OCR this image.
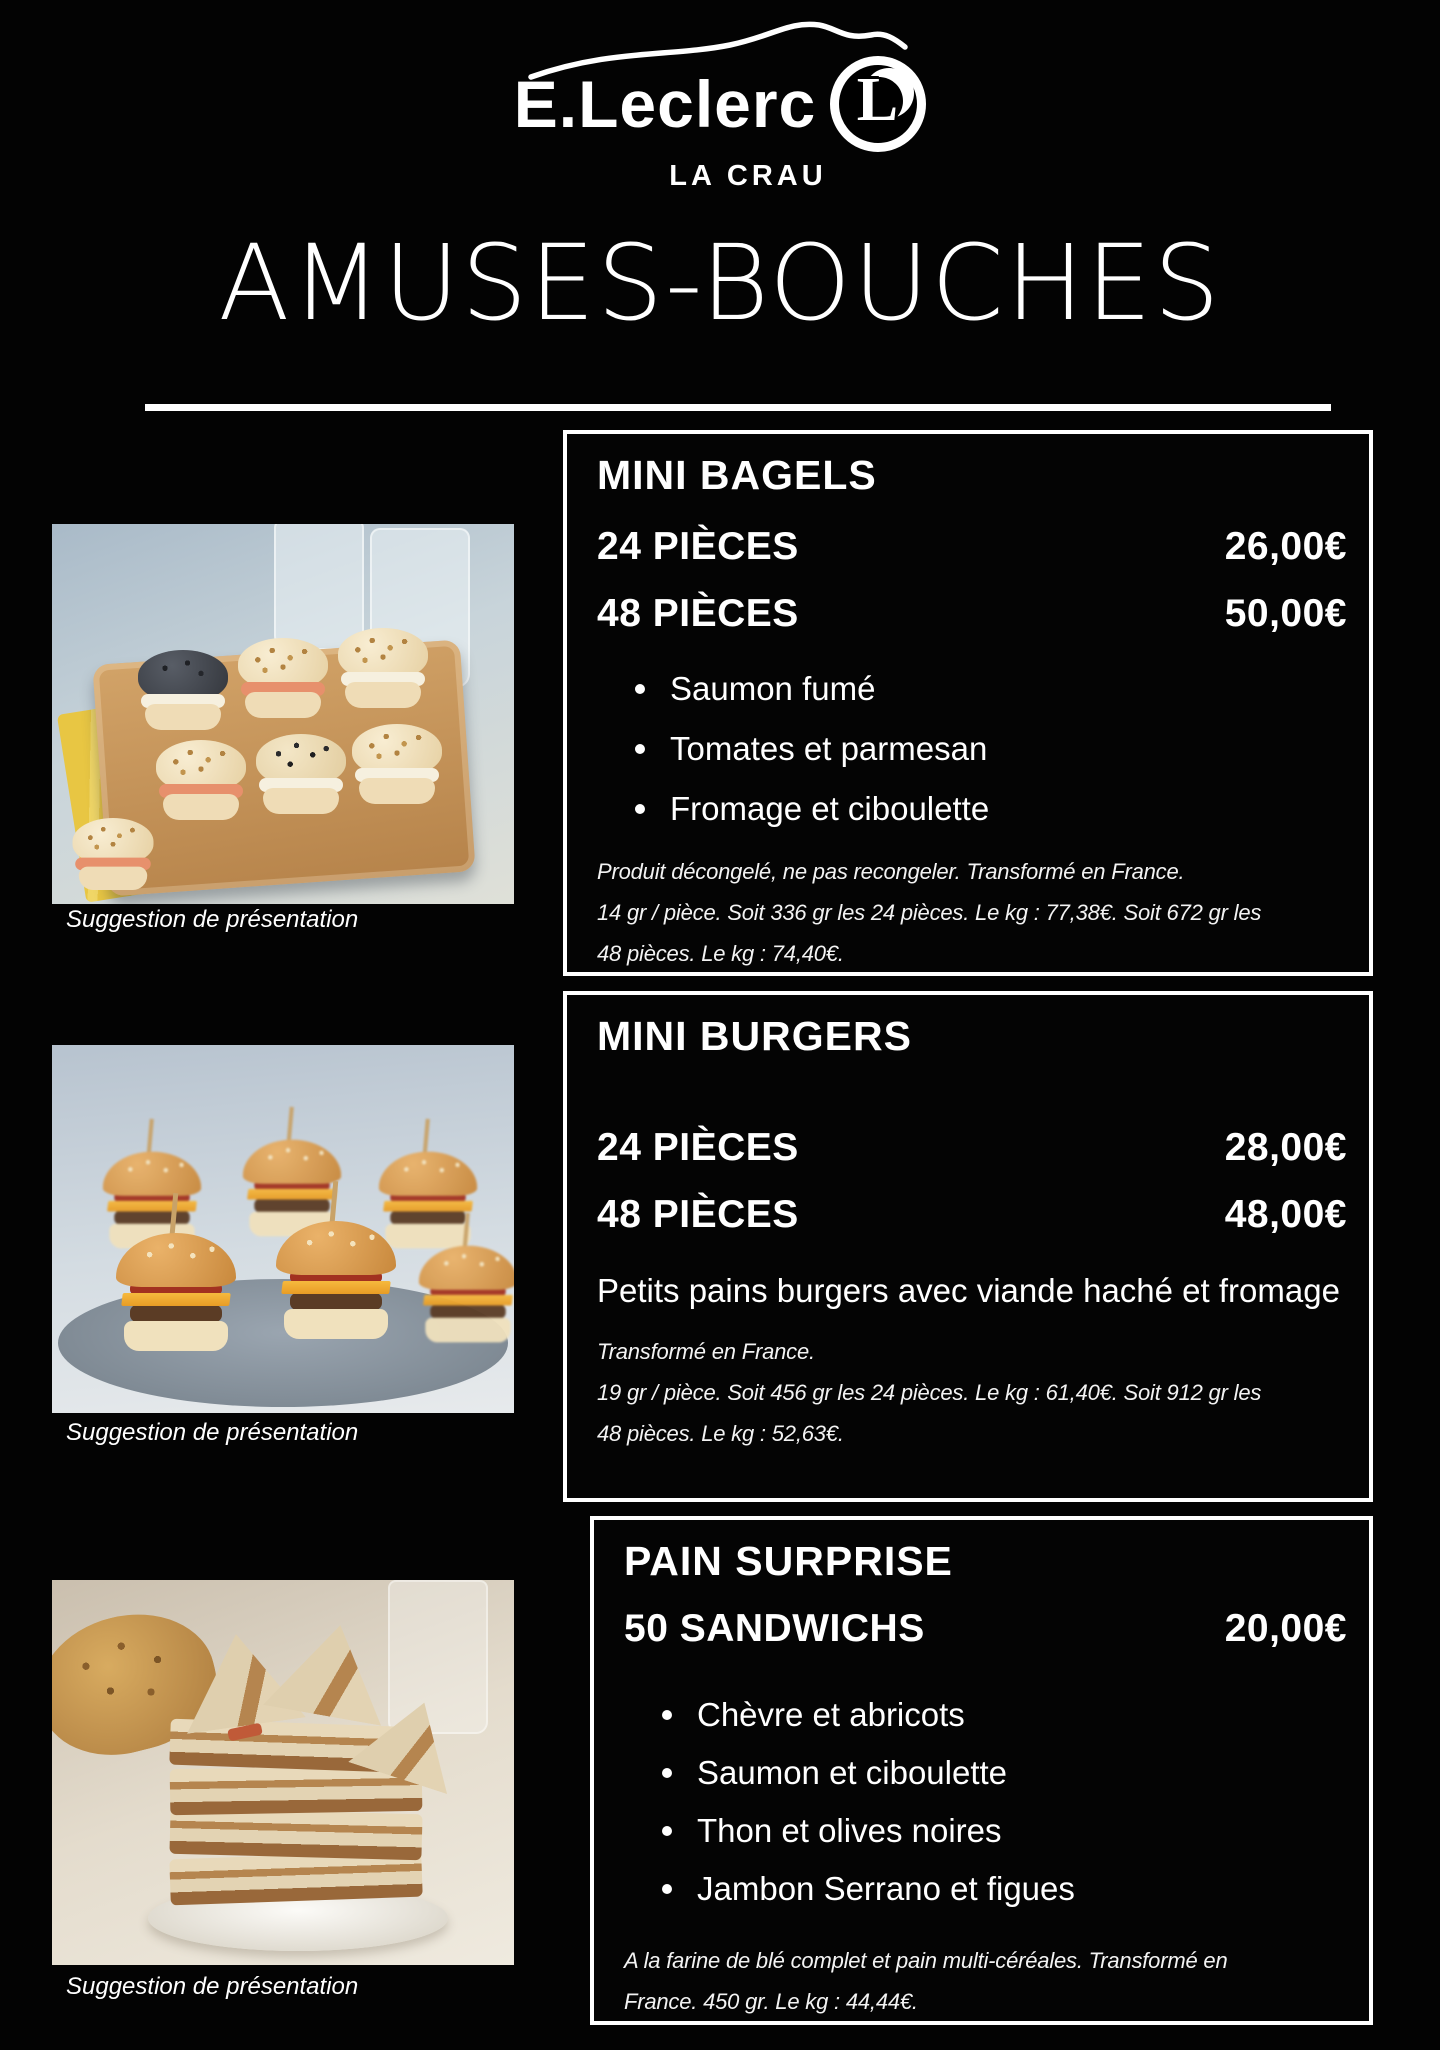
E.Leclerc L
LA CRAU
AMUSES-BOUCHES
Suggestion de présentation
Suggestion de présentation
Suggestion de présentation
MINI BAGELS
24 PIÈCES	26,00€
48 PIÈCES	50,00€
Saumon fumé
Tomates et parmesan
Fromage et ciboulette
Produit décongelé, ne pas recongeler. Transformé en France.
14 gr / pièce. Soit 336 gr les 24 pièces. Le kg : 77,38€. Soit 672 gr les
48 pièces. Le kg : 74,40€.
MINI BURGERS
24 PIÈCES	28,00€
48 PIÈCES	48,00€
Petits pains burgers avec viande haché et fromage
Transformé en France.
19 gr / pièce. Soit 456 gr les 24 pièces. Le kg : 61,40€. Soit 912 gr les
48 pièces. Le kg : 52,63€.
PAIN SURPRISE
50 SANDWICHS	20,00€
Chèvre et abricots
Saumon et ciboulette
Thon et olives noires
Jambon Serrano et figues
A la farine de blé complet et pain multi-céréales. Transformé en
France. 450 gr. Le kg : 44,44€.
